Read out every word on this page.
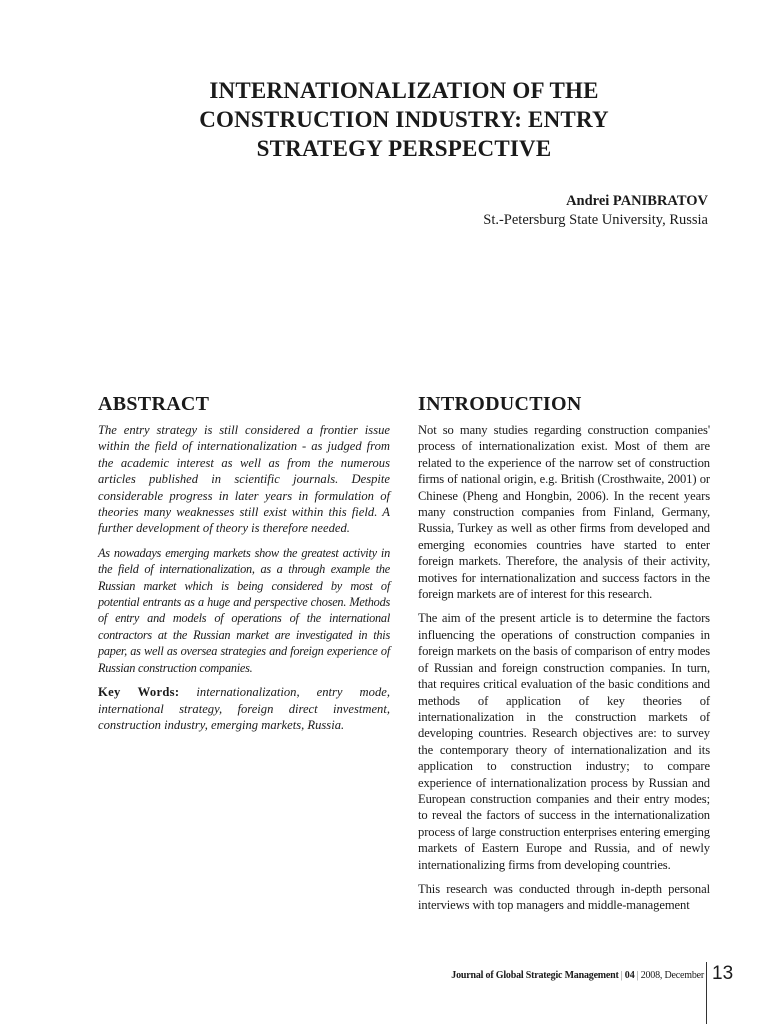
INTERNATIONALIZATION OF THE
CONSTRUCTION INDUSTRY: ENTRY
STRATEGY PERSPECTIVE
Andrei PANIBRATOV
St.-Petersburg State University, Russia
ABSTRACT

The entry strategy is still considered a frontier issue within the field of internationalization - as judged from the academic interest as well as from the numerous articles published in scientific journals. Despite considerable progress in later years in formulation of theories many weaknesses still exist within this field. A further development of theory is therefore needed.

As nowadays emerging markets show the greatest activity in the field of internationalization, as a through example the Russian market which is being considered by most of potential entrants as a huge and perspective chosen. Methods of entry and models of operations of the international contractors at the Russian market are investigated in this paper, as well as oversea strategies and foreign experience of Russian construction companies.

Key Words: internationalization, entry mode, international strategy, foreign direct investment, construction industry, emerging markets, Russia.

INTRODUCTION

Not so many studies regarding construction companies' process of internationalization exist. Most of them are related to the experience of the narrow set of construction firms of national origin, e.g. British (Crosthwaite, 2001) or Chinese (Pheng and Hongbin, 2006). In the recent years many construction companies from Finland, Germany, Russia, Turkey as well as other firms from developed and emerging economies countries have started to enter foreign markets. Therefore, the analysis of their activity, motives for internationalization and success factors in the foreign markets are of interest for this research.

The aim of the present article is to determine the factors influencing the operations of construction companies in foreign markets on the basis of comparison of entry modes of Russian and foreign construction companies. In turn, that requires critical evaluation of the basic conditions and methods of application of key theories of internationalization in the construction markets of developing countries. Research objectives are: to survey the contemporary theory of internationalization and its application to construction industry; to compare experience of internationalization process by Russian and European construction companies and their entry modes; to reveal the factors of success in the internationalization process of large construction enterprises entering emerging markets of Eastern Europe and Russia, and of newly internationalizing firms from developing countries.

This research was conducted through in-depth personal interviews with top managers and middle-management

Journal of Global Strategic Management | 04 | 2008, December 13
